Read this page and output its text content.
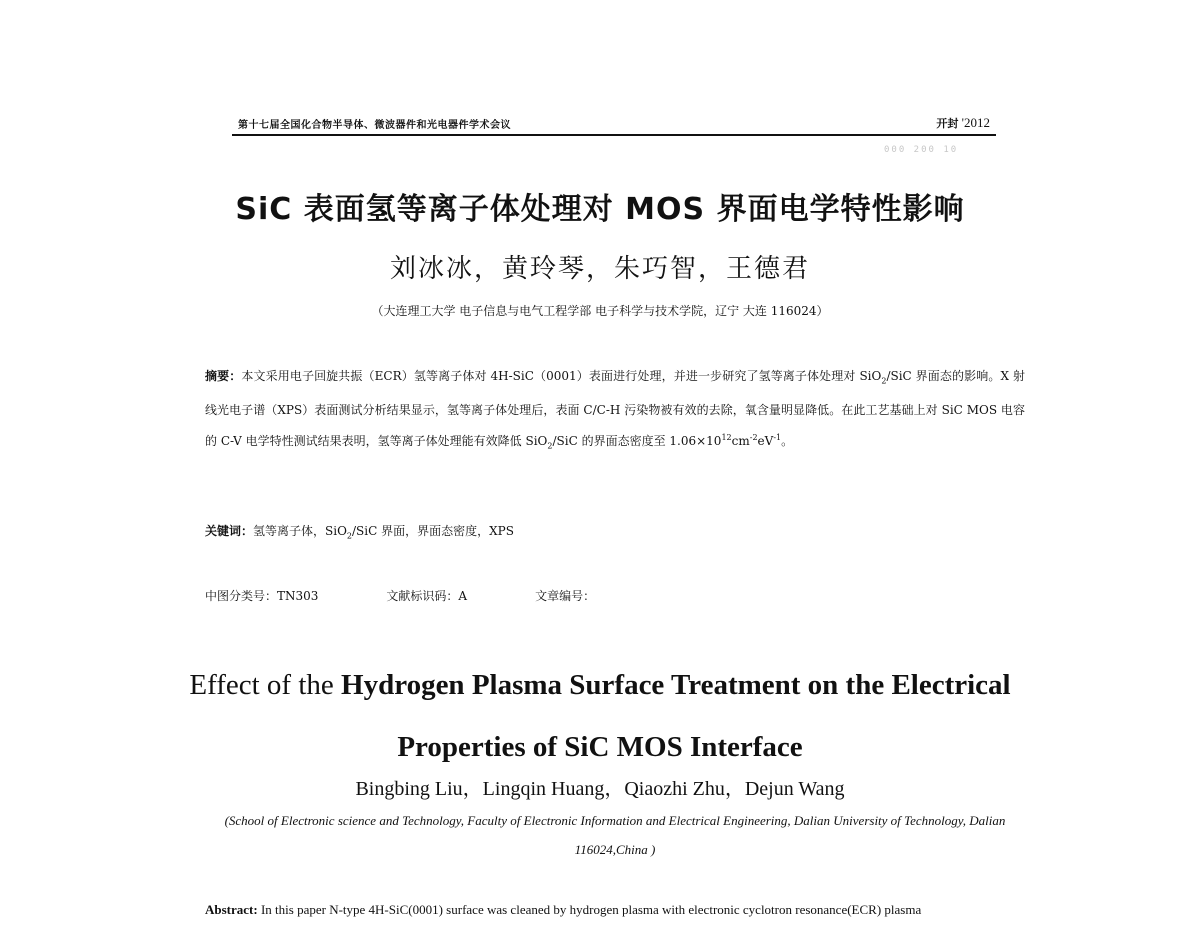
第十七届全国化合物半导体、微波器件和光电器件学术会议	开封 '2012
000 200 10
SiC 表面氢等离子体处理对 MOS 界面电学特性影响
刘冰冰，黄玲琴，朱巧智，王德君
（大连理工大学 电子信息与电气工程学部 电子科学与技术学院，辽宁 大连 116024）
摘要：本文采用电子回旋共振（ECR）氢等离子体对 4H-SiC（0001）表面进行处理，并进一步研究了氢等离子体处理对 SiO$_2$/SiC 界面态的影响。X 射线光电子谱（XPS）表面测试分析结果显示，氢等离子体处理后，表面 C/C-H 污染物被有效的去除，氧含量明显降低。在此工艺基础上对 SiC MOS 电容的 C-V 电学特性测试结果表明，氢等离子体处理能有效降低 SiO$_2$/SiC 的界面态密度至 $1.06\times 10^{12}cm^{-2}eV^{-1}$。
关键词：氢等离子体，SiO$_2$/SiC 界面，界面态密度，XPS
中图分类号：TN303	文献标识码：A	文章编号：
Effect of the Hydrogen Plasma Surface Treatment on the Electrical
Properties of SiC MOS Interface
Bingbing Liu，Lingqin Huang，Qiaozhi Zhu，Dejun Wang
(School of Electronic science and Technology, Faculty of Electronic Information and Electrical Engineering, Dalian University of Technology, Dalian 116024,China )
Abstract: In this paper N-type 4H-SiC(0001) surface was cleaned by hydrogen plasma with electronic cyclotron resonance(ECR) plasma
